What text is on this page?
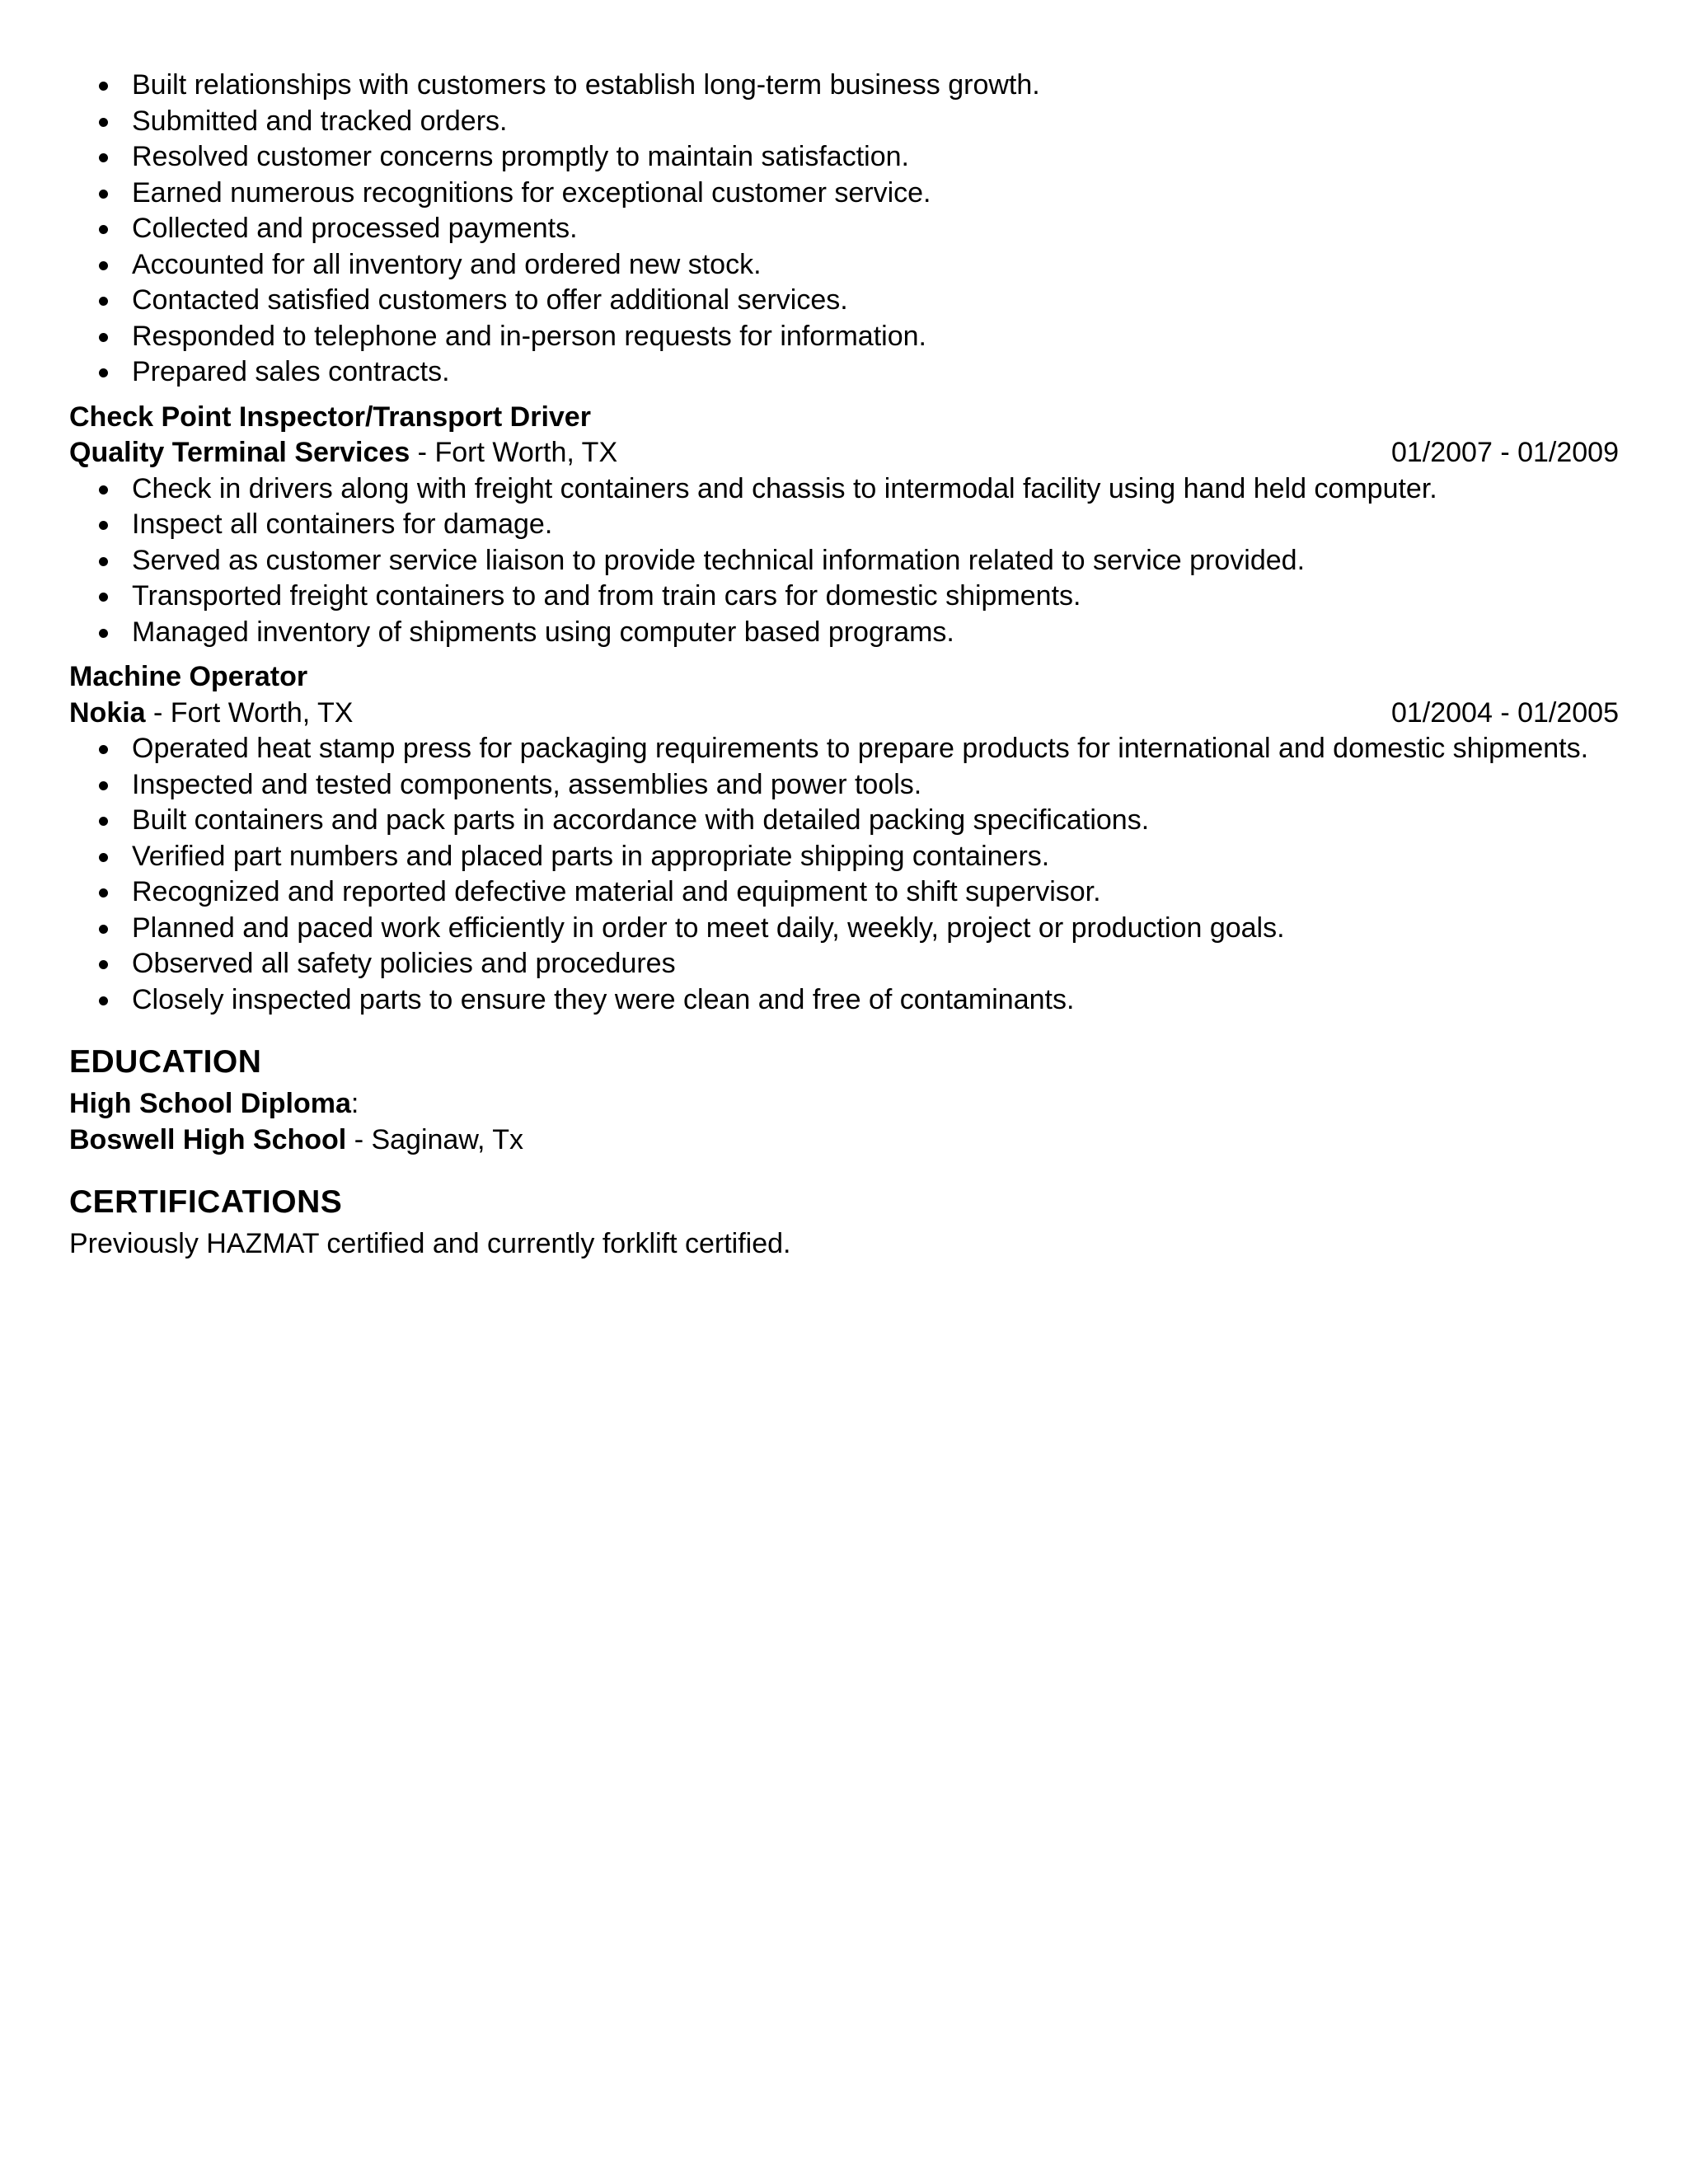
Built relationships with customers to establish long-term business growth.
Submitted and tracked orders.
Resolved customer concerns promptly to maintain satisfaction.
Earned numerous recognitions for exceptional customer service.
Collected and processed payments.
Accounted for all inventory and ordered new stock.
Contacted satisfied customers to offer additional services.
Responded to telephone and in-person requests for information.
Prepared sales contracts.
Check Point Inspector/Transport Driver
Quality Terminal Services - Fort Worth, TX	01/2007 - 01/2009
Check in drivers along with freight containers and chassis to intermodal facility using hand held computer.
Inspect all containers for damage.
Served as customer service liaison to provide technical information related to service provided.
Transported freight containers to and from train cars for domestic shipments.
Managed inventory of shipments using computer based programs.
Machine Operator
Nokia - Fort Worth, TX	01/2004 - 01/2005
Operated heat stamp press for packaging requirements to prepare products for international and domestic shipments.
Inspected and tested components, assemblies and power tools.
Built containers and pack parts in accordance with detailed packing specifications.
Verified part numbers and placed parts in appropriate shipping containers.
Recognized and reported defective material and equipment to shift supervisor.
Planned and paced work efficiently in order to meet daily, weekly, project or production goals.
Observed all safety policies and procedures
Closely inspected parts to ensure they were clean and free of contaminants.
EDUCATION
High School Diploma:
Boswell High School - Saginaw, Tx
CERTIFICATIONS
Previously HAZMAT certified and currently forklift certified.
